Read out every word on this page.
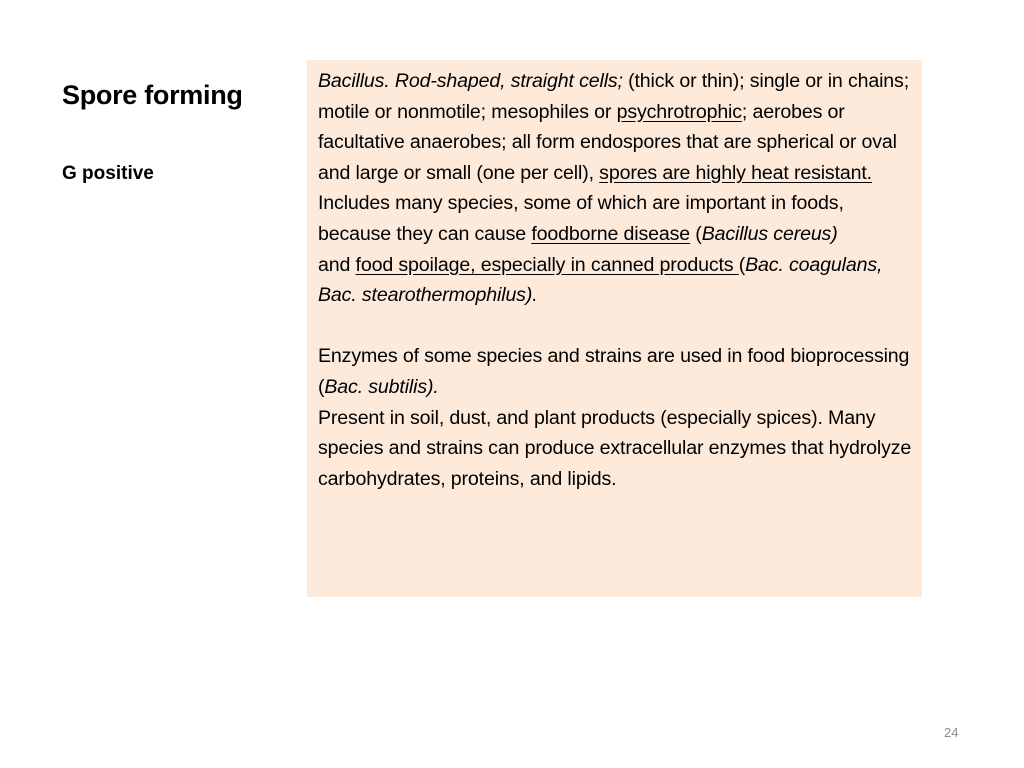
Spore forming
G positive

Bacillus. Rod-shaped, straight cells; (thick or thin); single or in chains; motile or nonmotile; mesophiles or psychrotrophic; aerobes or facultative anaerobes; all form endospores that are spherical or oval and large or small (one per cell), spores are highly heat resistant.
Includes many species, some of which are important in foods, because they can cause foodborne disease (Bacillus cereus)
and food spoilage, especially in canned products (Bac. coagulans, Bac. stearothermophilus).

Enzymes of some species and strains are used in food bioprocessing (Bac. subtilis).
Present in soil, dust, and plant products (especially spices). Many species and strains can produce extracellular enzymes that hydrolyze carbohydrates, proteins, and lipids.

24
